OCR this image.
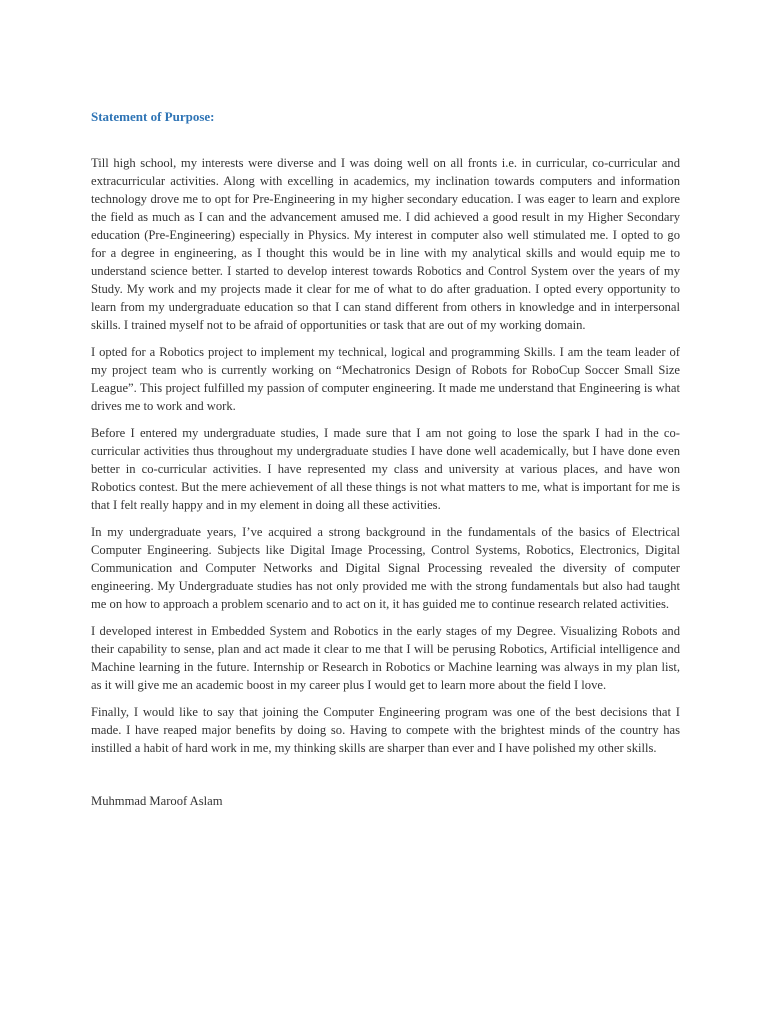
Statement of Purpose:

Till high school, my interests were diverse and I was doing well on all fronts i.e. in curricular, co-curricular and extracurricular activities. Along with excelling in academics, my inclination towards computers and information technology drove me to opt for Pre-Engineering in my higher secondary education. I was eager to learn and explore the field as much as I can and the advancement amused me. I did achieved a good result in my Higher Secondary education (Pre-Engineering) especially in Physics. My interest in computer also well stimulated me. I opted to go for a degree in engineering, as I thought this would be in line with my analytical skills and would equip me to understand science better. I started to develop interest towards Robotics and Control System over the years of my Study. My work and my projects made it clear for me of what to do after graduation. I opted every opportunity to learn from my undergraduate education so that I can stand different from others in knowledge and in interpersonal skills. I trained myself not to be afraid of opportunities or task that are out of my working domain.

I opted for a Robotics project to implement my technical, logical and programming Skills. I am the team leader of my project team who is currently working on “Mechatronics Design of Robots for RoboCup Soccer Small Size League”. This project fulfilled my passion of computer engineering. It made me understand that Engineering is what drives me to work and work.

Before I entered my undergraduate studies, I made sure that I am not going to lose the spark I had in the co-curricular activities thus throughout my undergraduate studies I have done well academically, but I have done even better in co-curricular activities. I have represented my class and university at various places, and have won Robotics contest. But the mere achievement of all these things is not what matters to me, what is important for me is that I felt really happy and in my element in doing all these activities.

In my undergraduate years, I’ve acquired a strong background in the fundamentals of the basics of Electrical Computer Engineering. Subjects like Digital Image Processing, Control Systems, Robotics, Electronics, Digital Communication and Computer Networks and Digital Signal Processing revealed the diversity of computer engineering. My Undergraduate studies has not only provided me with the strong fundamentals but also had taught me on how to approach a problem scenario and to act on it, it has guided me to continue research related activities.

I developed interest in Embedded System and Robotics in the early stages of my Degree. Visualizing Robots and their capability to sense, plan and act made it clear to me that I will be perusing Robotics, Artificial intelligence and Machine learning in the future. Internship or Research in Robotics or Machine learning was always in my plan list, as it will give me an academic boost in my career plus I would get to learn more about the field I love.

Finally, I would like to say that joining the Computer Engineering program was one of the best decisions that I made. I have reaped major benefits by doing so. Having to compete with the brightest minds of the country has instilled a habit of hard work in me, my thinking skills are sharper than ever and I have polished my other skills.

Muhmmad Maroof Aslam
